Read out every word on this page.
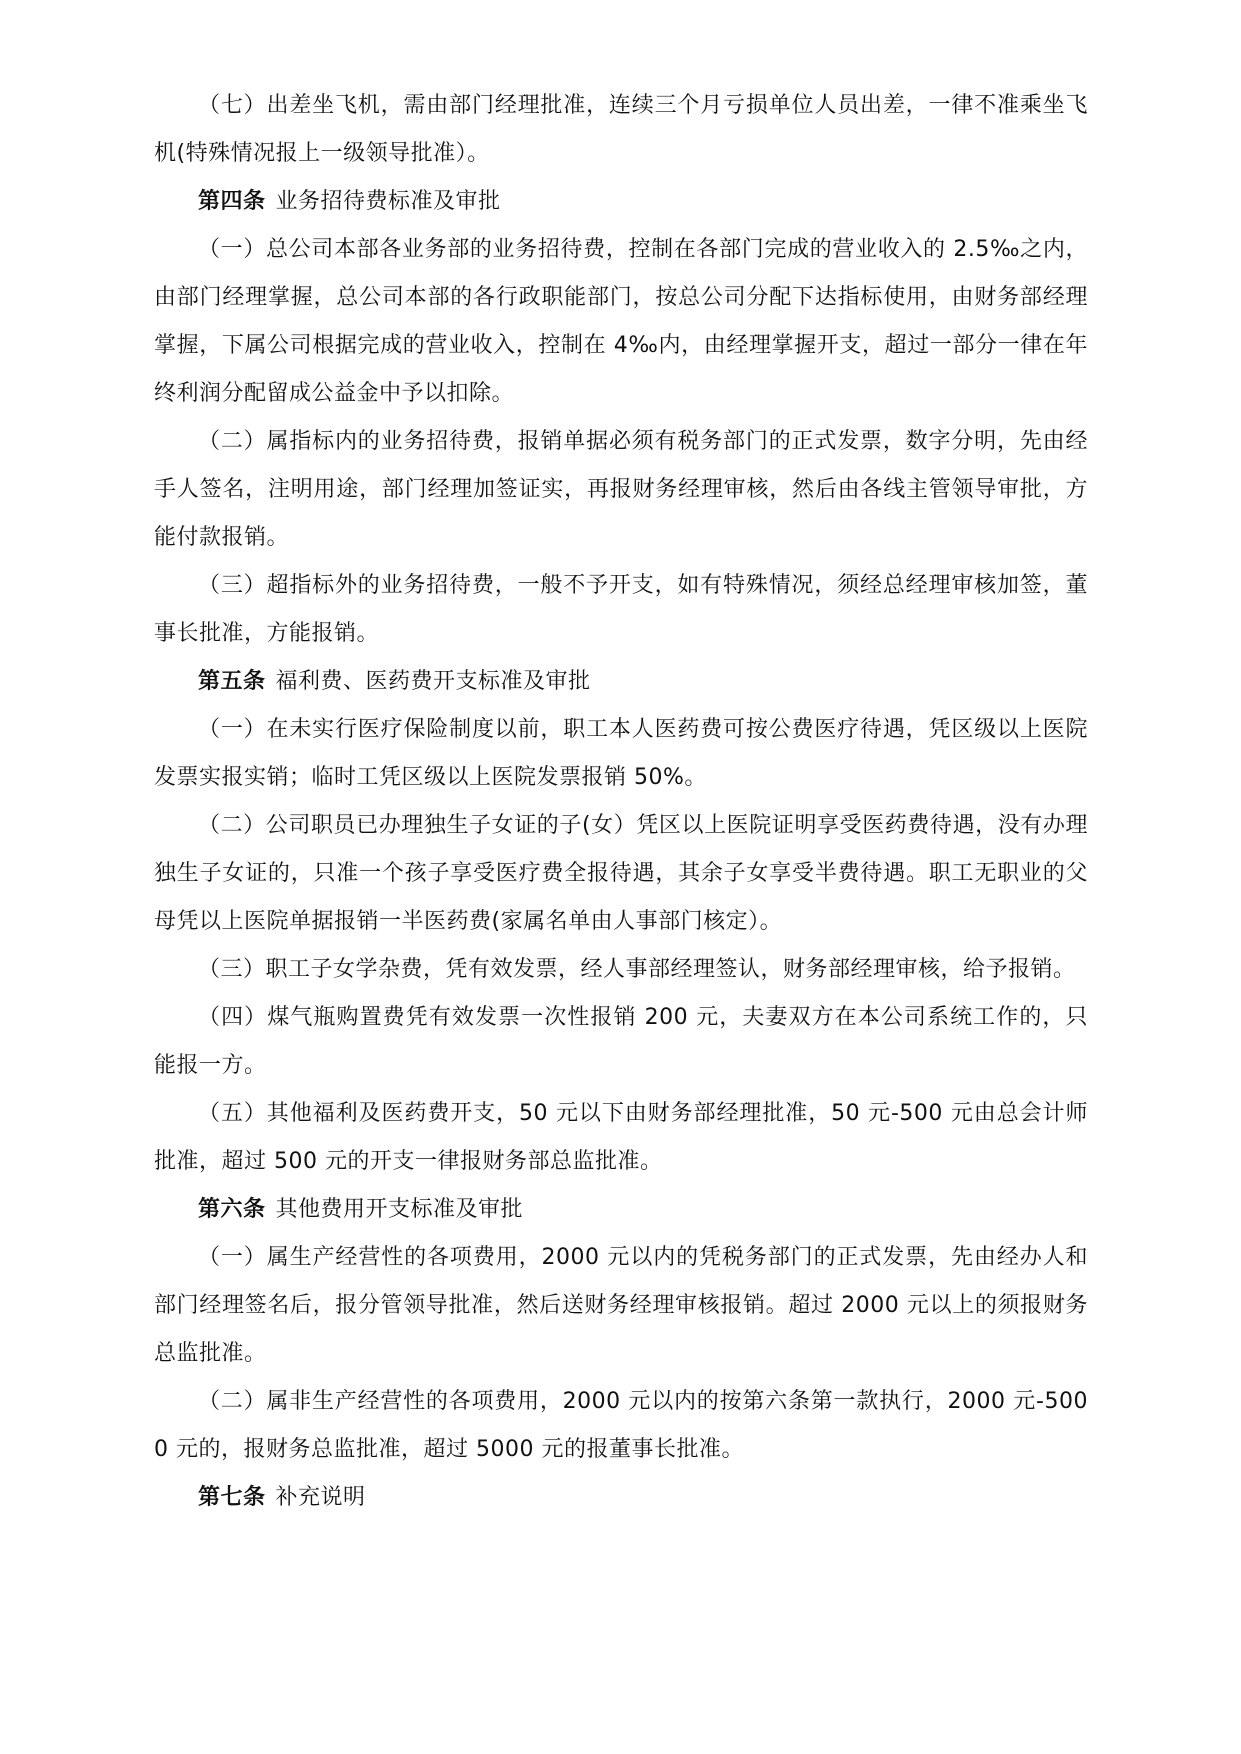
（七）出差坐飞机，需由部门经理批准，连续三个月亏损单位人员出差，一律不准乘坐飞机(特殊情况报上一级领导批准）。

第四条 业务招待费标准及审批

（一）总公司本部各业务部的业务招待费，控制在各部门完成的营业收入的 2.5‰之内，由部门经理掌握，总公司本部的各行政职能部门，按总公司分配下达指标使用，由财务部经理掌握，下属公司根据完成的营业收入，控制在 4‰内，由经理掌握开支，超过一部分一律在年终利润分配留成公益金中予以扣除。

（二）属指标内的业务招待费，报销单据必须有税务部门的正式发票，数字分明，先由经手人签名，注明用途，部门经理加签证实，再报财务经理审核，然后由各线主管领导审批，方能付款报销。

（三）超指标外的业务招待费，一般不予开支，如有特殊情况，须经总经理审核加签，董事长批准，方能报销。

第五条 福利费、医药费开支标准及审批

（一）在未实行医疗保险制度以前，职工本人医药费可按公费医疗待遇，凭区级以上医院发票实报实销；临时工凭区级以上医院发票报销 50%。

（二）公司职员已办理独生子女证的子(女）凭区以上医院证明享受医药费待遇，没有办理独生子女证的，只准一个孩子享受医疗费全报待遇，其余子女享受半费待遇。职工无职业的父母凭以上医院单据报销一半医药费(家属名单由人事部门核定）。

（三）职工子女学杂费，凭有效发票，经人事部经理签认，财务部经理审核，给予报销。

（四）煤气瓶购置费凭有效发票一次性报销 200 元，夫妻双方在本公司系统工作的，只能报一方。

（五）其他福利及医药费开支，50 元以下由财务部经理批准，50 元-500 元由总会计师批准，超过 500 元的开支一律报财务部总监批准。

第六条 其他费用开支标准及审批

（一）属生产经营性的各项费用，2000 元以内的凭税务部门的正式发票，先由经办人和部门经理签名后，报分管领导批准，然后送财务经理审核报销。超过 2000 元以上的须报财务总监批准。

（二）属非生产经营性的各项费用，2000 元以内的按第六条第一款执行，2000 元-5000 元的，报财务总监批准，超过 5000 元的报董事长批准。

第七条 补充说明
